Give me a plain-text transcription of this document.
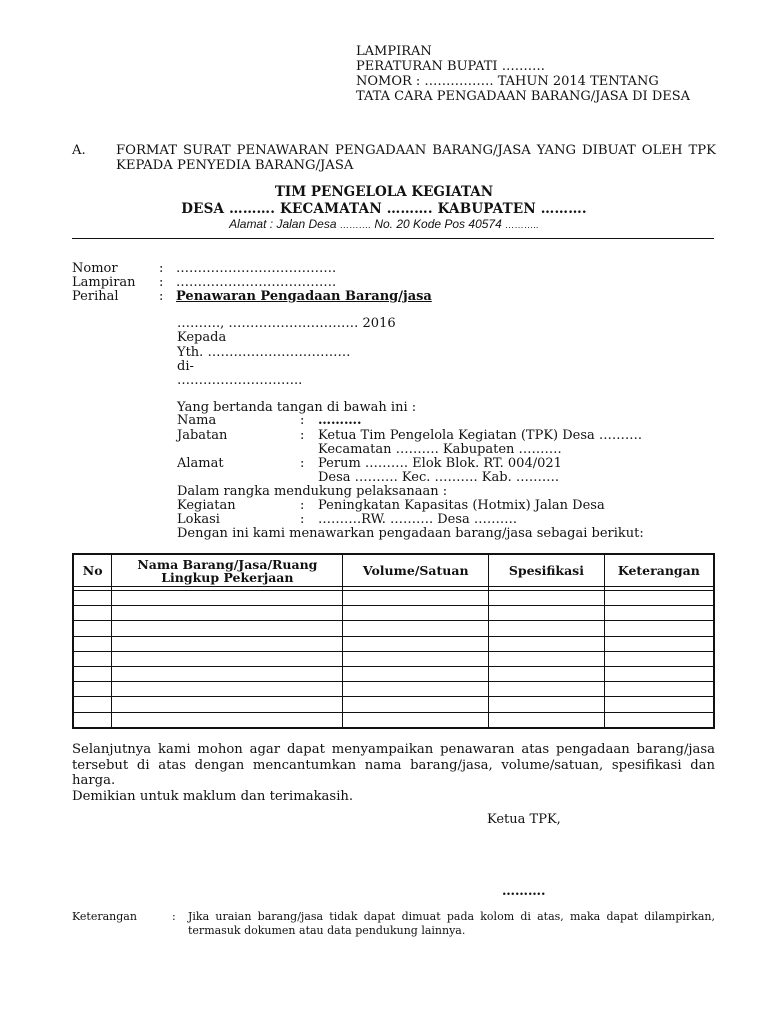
LAMPIRAN
PERATURAN BUPATI ……….
NOMOR : ……………. TAHUN 2014 TENTANG
TATA CARA PENGADAAN BARANG/JASA DI DESA
A. FORMAT SURAT PENAWARAN PENGADAAN BARANG/JASA YANG DIBUAT OLEH TPK KEPADA PENYEDIA BARANG/JASA
TIM PENGELOLA KEGIATAN
DESA ………. KECAMATAN ………. KABUPATEN ……….
Alamat : Jalan Desa ………. No. 20 Kode Pos 40574 ………..
Nomor	: ……………………………….
Lampiran : ……………………………….
Perihal	: Penawaran Pengadaan Barang/jasa
………., ………………………… 2016
Kepada
Yth. ……………………………
di-
………………………..
Yang bertanda tangan di bawah ini :
Nama	: ……….
Jabatan	: Ketua Tim Pengelola Kegiatan (TPK) Desa ……….
Kecamatan ………. Kabupaten ……….
Alamat	: Perum ………. Elok Blok. RT. 004/021
Desa ………. Kec. ………. Kab. ……….
Dalam rangka mendukung pelaksanaan :
Kegiatan	: Peningkatan Kapasitas (Hotmix) Jalan Desa
Lokasi	: ……….RW. ………. Desa ……….
Dengan ini kami menawarkan pengadaan barang/jasa sebagai berikut:
No	Nama Barang/Jasa/Ruang Lingkup Pekerjaan	Volume/Satuan	Spesifikasi	Keterangan

Selanjutnya kami mohon agar dapat menyampaikan penawaran atas pengadaan barang/jasa tersebut di atas dengan mencantumkan nama barang/jasa, volume/satuan, spesifikasi dan harga.
Demikian untuk maklum dan terimakasih.
Ketua TPK,
……….
Keterangan	: Jika uraian barang/jasa tidak dapat dimuat pada kolom di atas, maka dapat dilampirkan, termasuk dokumen atau data pendukung lainnya.
